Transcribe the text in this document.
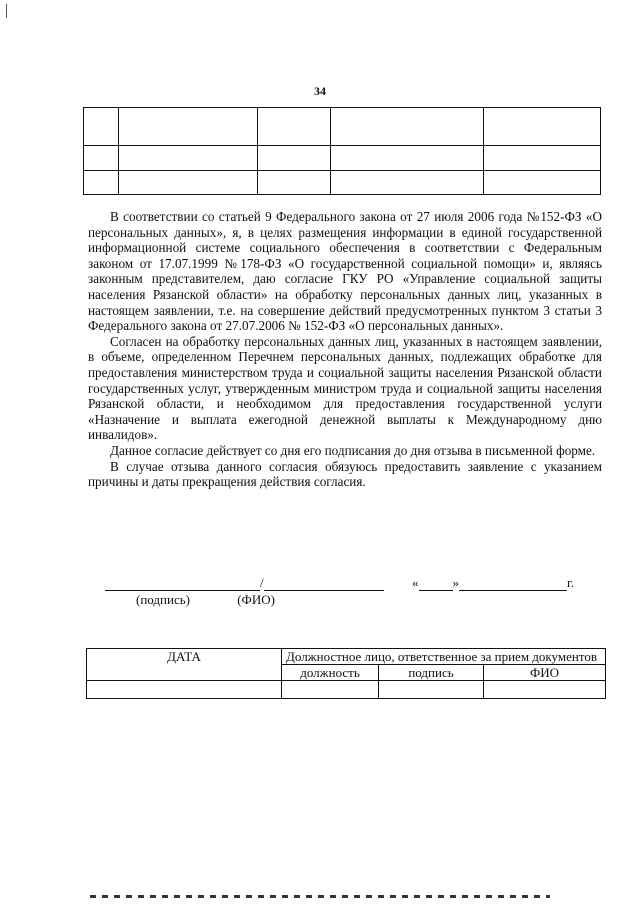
34

В соответствии со статьей 9 Федерального закона от 27 июля 2006 года №152-ФЗ «О персональных данных», я, в целях размещения информации в единой государственной информационной системе социального обеспечения в соответствии с Федеральным законом от 17.07.1999 №178-ФЗ «О государственной социальной помощи» и, являясь законным представителем, даю согласие ГКУ РО «Управление социальной защиты населения Рязанской области» на обработку персональных данных лиц, указанных в настоящем заявлении, т.е. на совершение действий предусмотренных пунктом 3 статьи 3 Федерального закона от 27.07.2006 № 152-ФЗ «О персональных данных».

Согласен на обработку персональных данных лиц, указанных в настоящем заявлении, в объеме, определенном Перечнем персональных данных, подлежащих обработке для предоставления министерством труда и социальной защиты населения Рязанской области государственных услуг, утвержденным министром труда и социальной защиты населения Рязанской области, и необходимом для предоставления государственной услуги «Назначение и выплата ежегодной денежной выплаты к Международному дню инвалидов».

Данное согласие действует со дня его подписания до дня отзыва в письменной форме.

В случае отзыва данного согласия обязуюсь предоставить заявление с указанием причины и даты прекращения действия согласия.

/	«	»	г.
(подпись)	(ФИО)
ДАТА	Должностное лицо, ответственное за прием документов		
	должность	подпись	ФИО
